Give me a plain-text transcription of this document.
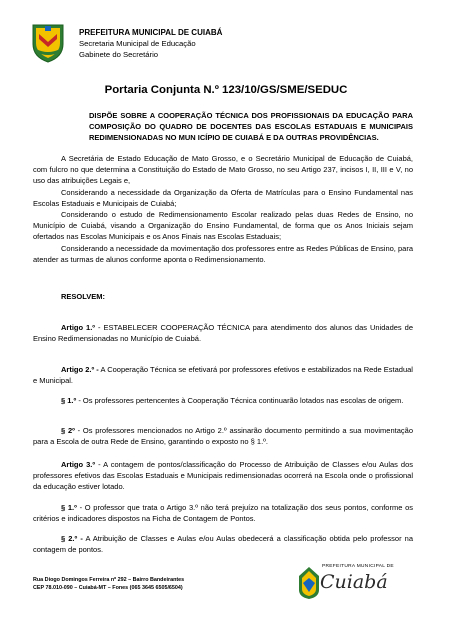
PREFEITURA MUNICIPAL DE CUIABÁ
Secretaria Municipal de Educação
Gabinete do Secretário
Portaria Conjunta N.º 123/10/GS/SME/SEDUC
DISPÕE SOBRE A COOPERAÇÃO TÉCNICA DOS PROFISSIONAIS DA EDUCAÇÃO PARA COMPOSIÇÃO DO QUADRO DE DOCENTES DAS ESCOLAS ESTADUAIS E MUNICIPAIS REDIMENSIONADAS NO MUN ICÍPIO DE CUIABÁ E DA OUTRAS PROVIDÊNCIAS.

A Secretária de Estado Educação de Mato Grosso, e o Secretário Municipal de Educação de Cuiabá, com fulcro no que determina a Constituição do Estado de Mato Grosso, no seu Artigo 237, incisos I, II, III e V, no uso das atribuições Legais e,

Considerando a necessidade da Organização da Oferta de Matrículas para o Ensino Fundamental nas Escolas Estaduais e Municipais de Cuiabá;

Considerando o estudo de Redimensionamento Escolar realizado pelas duas Redes de Ensino, no Município de Cuiabá, visando a Organização do Ensino Fundamental, de forma que os Anos Iniciais sejam ofertados nas Escolas Municipais e os Anos Finais nas Escolas Estaduais;

Considerando a necessidade da movimentação dos professores entre as Redes Públicas de Ensino, para atender as turmas de alunos conforme aponta o Redimensionamento.

RESOLVEM:

Artigo 1.º - ESTABELECER COOPERAÇÃO TÉCNICA para atendimento dos alunos das Unidades de Ensino Redimensionadas no Município de Cuiabá.

Artigo 2.º - A Cooperação Técnica se efetivará por professores efetivos e estabilizados na Rede Estadual e Municipal.

§ 1.º - Os professores pertencentes à Cooperação Técnica continuarão lotados nas escolas de origem.

§ 2º - Os professores mencionados no Artigo 2.º assinarão documento permitindo a sua movimentação para a Escola de outra Rede de Ensino, garantindo o exposto no § 1.º.

Artigo 3.º - A contagem de pontos/classificação do Processo de Atribuição de Classes e/ou Aulas dos professores efetivos das Escolas Estaduais e Municipais redimensionadas ocorrerá na Escola onde o profissional da educação estiver lotado.

§ 1.º - O professor que trata o Artigo 3.º não terá prejuízo na totalização dos seus pontos, conforme os critérios e indicadores dispostos na Ficha de Contagem de Pontos.

§ 2.º - A Atribuição de Classes e Aulas e/ou Aulas obedecerá a classificação obtida pelo professor na contagem de pontos.

Rua Diogo Domingos Ferreira nº 292 – Bairro Bandeirantes
CEP 78.010-090 – Cuiabá-MT – Fones (065 3645 6505/6504)
PREFEITURA MUNICIPAL DE
Cuiabá
